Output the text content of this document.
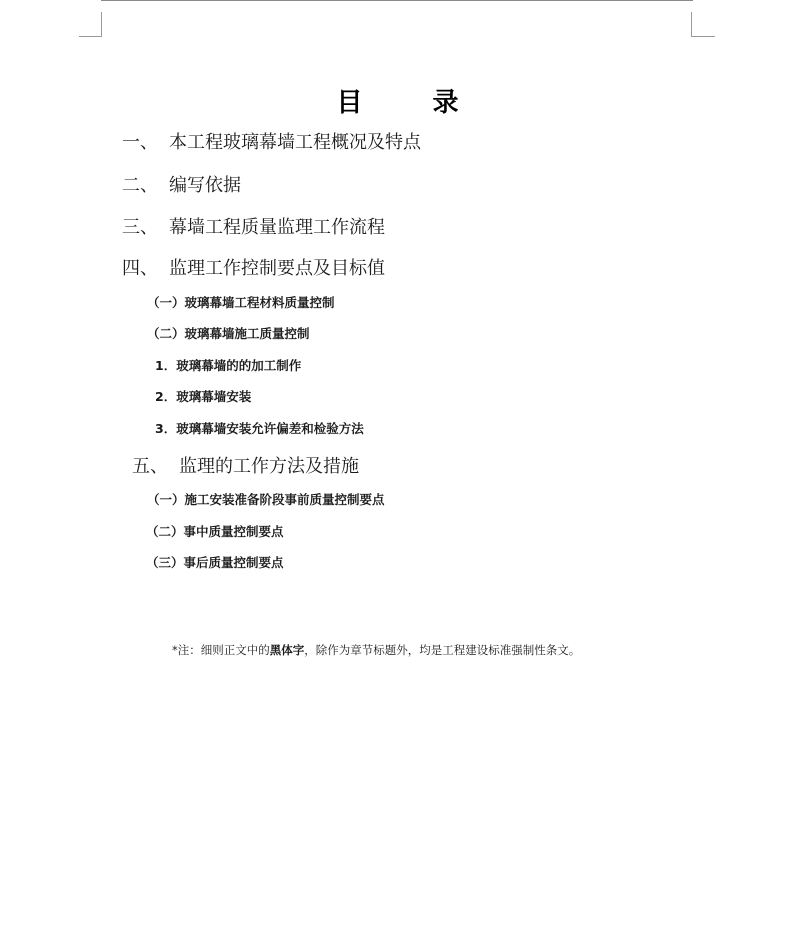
目	录
一、 本工程玻璃幕墙工程概况及特点
二、 编写依据
三、 幕墙工程质量监理工作流程
四、 监理工作控制要点及目标值
（一）玻璃幕墙工程材料质量控制
（二）玻璃幕墙施工质量控制
1．玻璃幕墙的的加工制作
2．玻璃幕墙安装
3．玻璃幕墙安装允许偏差和检验方法
五、 监理的工作方法及措施
（一）施工安装准备阶段事前质量控制要点
（二）事中质量控制要点
（三）事后质量控制要点
*注：细则正文中的黑体字，除作为章节标题外，均是工程建设标准强制性条文。
